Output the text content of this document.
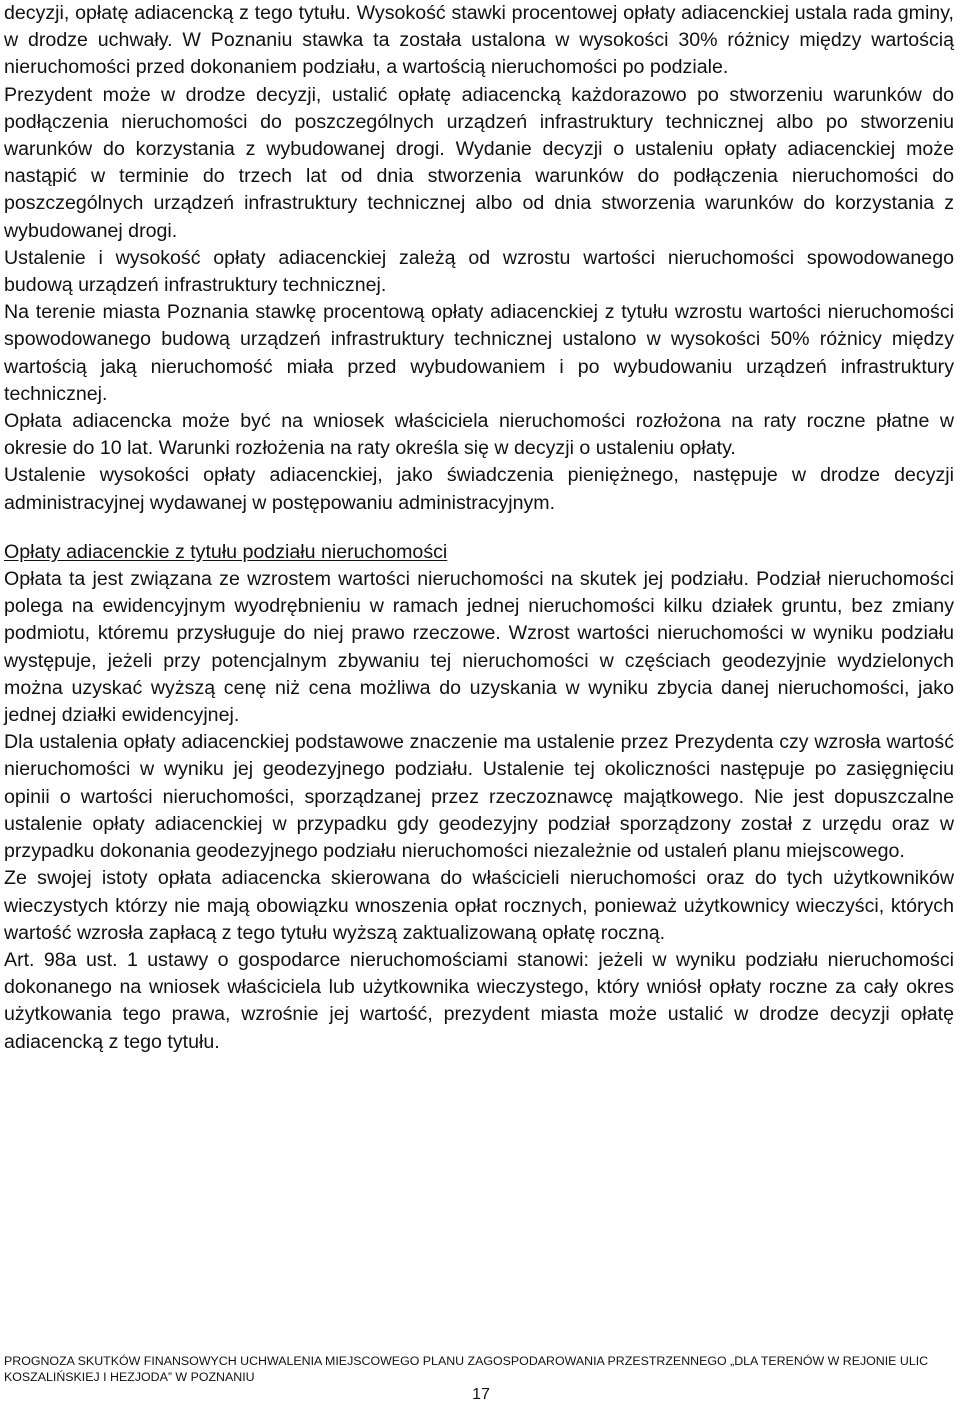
decyzji, opłatę adiacencką z tego tytułu. Wysokość stawki procentowej opłaty adiacenckiej ustala rada gminy, w drodze uchwały. W Poznaniu stawka ta została ustalona w wysokości 30% różnicy między wartością nieruchomości przed dokonaniem podziału, a wartością nieruchomości po podziale.

Prezydent może w drodze decyzji, ustalić opłatę adiacencką każdorazowo po stworzeniu warunków do podłączenia nieruchomości do poszczególnych urządzeń infrastruktury technicznej albo po stworzeniu warunków do korzystania z wybudowanej drogi. Wydanie decyzji o ustaleniu opłaty adiacenckiej może nastąpić w terminie do trzech lat od dnia stworzenia warunków do podłączenia nieruchomości do poszczególnych urządzeń infrastruktury technicznej albo od dnia stworzenia warunków do korzystania z wybudowanej drogi.

Ustalenie i wysokość opłaty adiacenckiej zależą od wzrostu wartości nieruchomości spowodowanego budową urządzeń infrastruktury technicznej.

Na terenie miasta Poznania stawkę procentową opłaty adiacenckiej z tytułu wzrostu wartości nieruchomości spowodowanego budową urządzeń infrastruktury technicznej ustalono w wysokości 50% różnicy między wartością jaką nieruchomość miała przed wybudowaniem i po wybudowaniu urządzeń infrastruktury technicznej.

Opłata adiacencka może być na wniosek właściciela nieruchomości rozłożona na raty roczne płatne w okresie do 10 lat. Warunki rozłożenia na raty określa się w decyzji o ustaleniu opłaty.

Ustalenie wysokości opłaty adiacenckiej, jako świadczenia pieniężnego, następuje w drodze decyzji administracyjnej wydawanej w postępowaniu administracyjnym.

Opłaty adiacenckie z tytułu podziału nieruchomości

Opłata ta jest związana ze wzrostem wartości nieruchomości na skutek jej podziału. Podział nieruchomości polega na ewidencyjnym wyodrębnieniu w ramach jednej nieruchomości kilku działek gruntu, bez zmiany podmiotu, któremu przysługuje do niej prawo rzeczowe. Wzrost wartości nieruchomości w wyniku podziału występuje, jeżeli przy potencjalnym zbywaniu tej nieruchomości w częściach geodezyjnie wydzielonych można uzyskać wyższą cenę niż cena możliwa do uzyskania w wyniku zbycia danej nieruchomości, jako jednej działki ewidencyjnej.

Dla ustalenia opłaty adiacenckiej podstawowe znaczenie ma ustalenie przez Prezydenta czy wzrosła wartość nieruchomości w wyniku jej geodezyjnego podziału. Ustalenie tej okoliczności następuje po zasięgnięciu opinii o wartości nieruchomości, sporządzanej przez rzeczoznawcę majątkowego. Nie jest dopuszczalne ustalenie opłaty adiacenckiej w przypadku gdy geodezyjny podział sporządzony został z urzędu oraz w przypadku dokonania geodezyjnego podziału nieruchomości niezależnie od ustaleń planu miejscowego.

Ze swojej istoty opłata adiacencka skierowana do właścicieli nieruchomości oraz do tych użytkowników wieczystych którzy nie mają obowiązku wnoszenia opłat rocznych, ponieważ użytkownicy wieczyści, których wartość wzrosła zapłacą z tego tytułu wyższą zaktualizowaną opłatę roczną.

Art. 98a ust. 1 ustawy o gospodarce nieruchomościami stanowi: jeżeli w wyniku podziału nieruchomości dokonanego na wniosek właściciela lub użytkownika wieczystego, który wniósł opłaty roczne za cały okres użytkowania tego prawa, wzrośnie jej wartość, prezydent miasta może ustalić w drodze decyzji opłatę adiacencką z tego tytułu.

PROGNOZA SKUTKÓW FINANSOWYCH UCHWALENIA MIEJSCOWEGO PLANU ZAGOSPODAROWANIA PRZESTRZENNEGO „DLA TERENÓW W REJONIE ULIC KOSZALIŃSKIEJ I HEZJODA” W POZNANIU
17
